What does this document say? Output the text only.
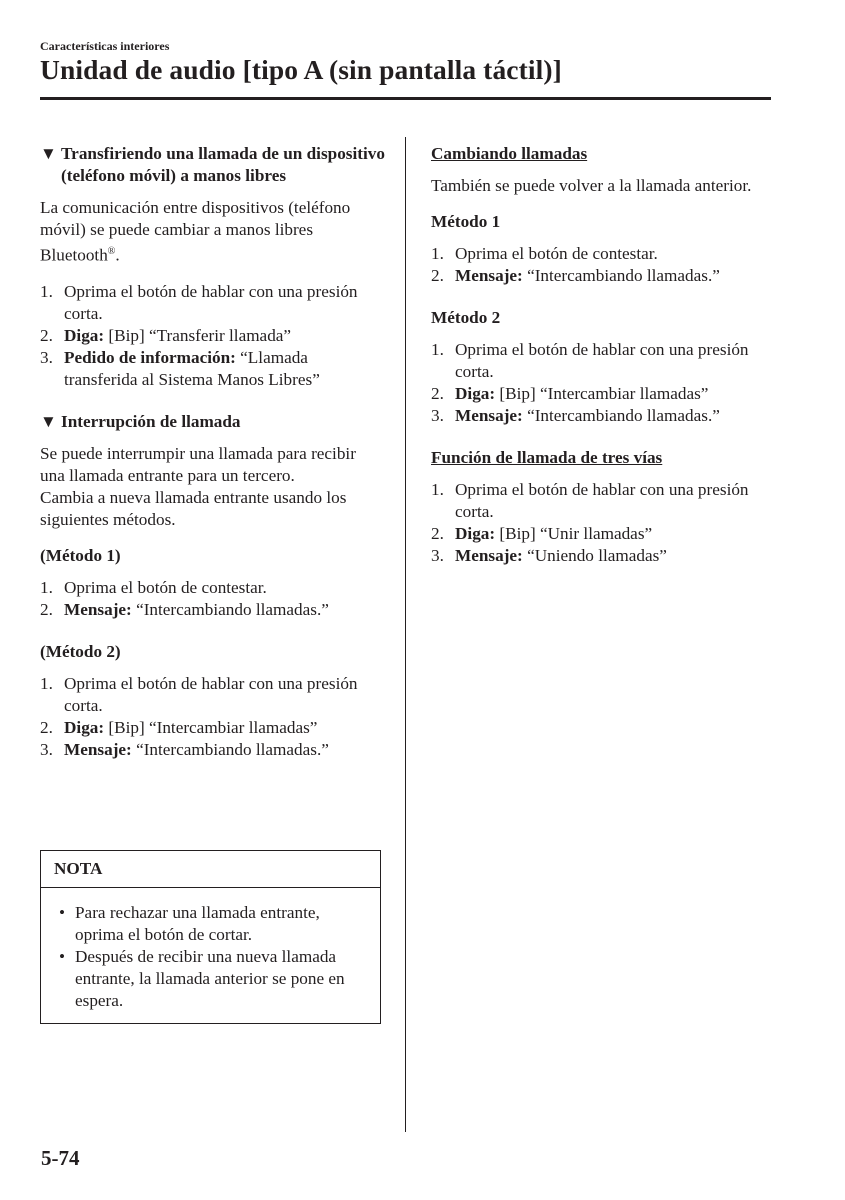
Características interiores
Unidad de audio [tipo A (sin pantalla táctil)]
▼ Transfiriendo una llamada de un dispositivo (teléfono móvil) a manos libres

La comunicación entre dispositivos (teléfono móvil) se puede cambiar a manos libres Bluetooth®.

1. Oprima el botón de hablar con una presión corta.
2. Diga: [Bip] “Transferir llamada”
3. Pedido de información: “Llamada transferida al Sistema Manos Libres”
▼ Interrupción de llamada

Se puede interrumpir una llamada para recibir una llamada entrante para un tercero.

Cambia a nueva llamada entrante usando los siguientes métodos.

(Método 1)

1. Oprima el botón de contestar.
2. Mensaje: “Intercambiando llamadas.”

(Método 2)

1. Oprima el botón de hablar con una presión corta.
2. Diga: [Bip] “Intercambiar llamadas”
3. Mensaje: “Intercambiando llamadas.”
NOTA
• Para rechazar una llamada entrante, oprima el botón de cortar.
• Después de recibir una nueva llamada entrante, la llamada anterior se pone en espera.

Cambiando llamadas

También se puede volver a la llamada anterior.

Método 1

1. Oprima el botón de contestar.
2. Mensaje: “Intercambiando llamadas.”

Método 2

1. Oprima el botón de hablar con una presión corta.
2. Diga: [Bip] “Intercambiar llamadas”
3. Mensaje: “Intercambiando llamadas.”

Función de llamada de tres vías

1. Oprima el botón de hablar con una presión corta.
2. Diga: [Bip] “Unir llamadas”
3. Mensaje: “Uniendo llamadas”
5-74
